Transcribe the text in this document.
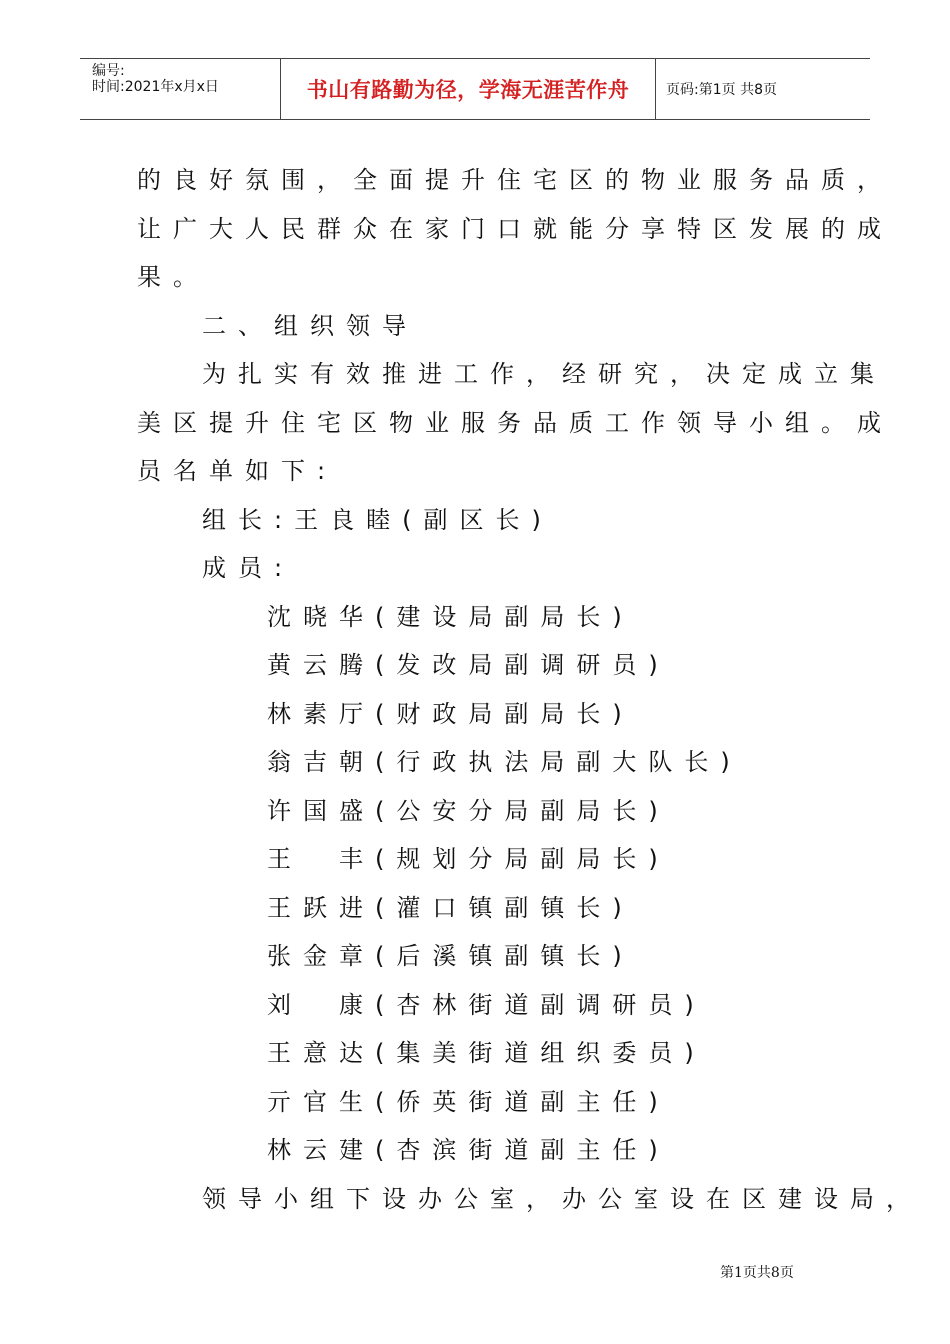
编号:
时间:2021年x月x日	书山有路勤为径，学海无涯苦作舟	页码:第1页 共8页
的良好氛围，全面提升住宅区的物业服务品质，
让广大人民群众在家门口就能分享特区发展的成
果。
二、组织领导
为扎实有效推进工作，经研究，决定成立集
美区提升住宅区物业服务品质工作领导小组。成
员名单如下:
组长:王良睦(副区长)
成员:
沈晓华(建设局副局长)
黄云腾(发改局副调研员)
林素厅(财政局副局长)
翁吉朝(行政执法局副大队长)
许国盛(公安分局副局长)
王　丰(规划分局副局长)
王跃进(灌口镇副镇长)
张金章(后溪镇副镇长)
刘　康(杏林街道副调研员)
王意达(集美街道组织委员)
亓官生(侨英街道副主任)
林云建(杏滨街道副主任)
领导小组下设办公室，办公室设在区建设局，
第1页共8页
